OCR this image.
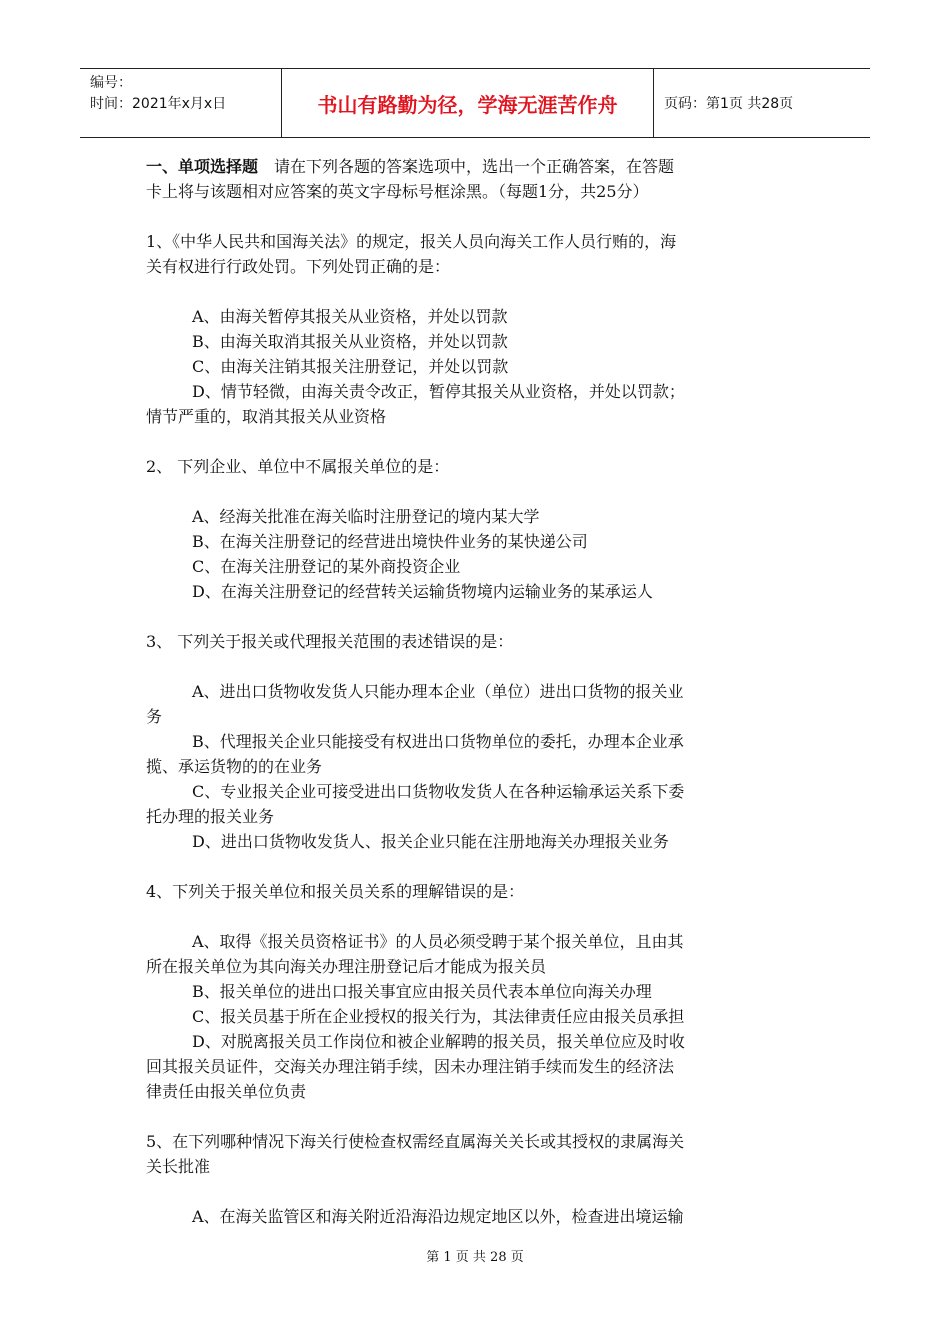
编号：
时间：2021年x月x日	书山有路勤为径，学海无涯苦作舟	页码：第1页 共28页

一、单项选择题　 请在下列各题的答案选项中，选出一个正确答案，在答题

卡上将与该题相对应答案的英文字母标号框涂黑。（每题1分，共25分）

1、《中华人民共和国海关法》的规定，报关人员向海关工作人员行贿的，海

关有权进行行政处罚。下列处罚正确的是：

A、由海关暂停其报关从业资格，并处以罚款

B、由海关取消其报关从业资格，并处以罚款

C、由海关注销其报关注册登记，并处以罚款

D、情节轻微，由海关责令改正，暂停其报关从业资格，并处以罚款；

情节严重的，取消其报关从业资格

2、 下列企业、单位中不属报关单位的是：

A、经海关批准在海关临时注册登记的境内某大学

B、在海关注册登记的经营进出境快件业务的某快递公司

C、在海关注册登记的某外商投资企业

D、在海关注册登记的经营转关运输货物境内运输业务的某承运人

3、 下列关于报关或代理报关范围的表述错误的是：

A、进出口货物收发货人只能办理本企业（单位）进出口货物的报关业

务

B、代理报关企业只能接受有权进出口货物单位的委托，办理本企业承

揽、承运货物的的在业务

C、专业报关企业可接受进出口货物收发货人在各种运输承运关系下委

托办理的报关业务

D、进出口货物收发货人、报关企业只能在注册地海关办理报关业务

4、下列关于报关单位和报关员关系的理解错误的是：

A、取得《报关员资格证书》的人员必须受聘于某个报关单位，且由其

所在报关单位为其向海关办理注册登记后才能成为报关员

B、报关单位的进出口报关事宜应由报关员代表本单位向海关办理

C、报关员基于所在企业授权的报关行为，其法律责任应由报关员承担

D、对脱离报关员工作岗位和被企业解聘的报关员，报关单位应及时收

回其报关员证件，交海关办理注销手续，因未办理注销手续而发生的经济法

律责任由报关单位负责

5、在下列哪种情况下海关行使检查权需经直属海关关长或其授权的隶属海关

关长批准

A、在海关监管区和海关附近沿海沿边规定地区以外，检查进出境运输

第 1 页 共 28 页
